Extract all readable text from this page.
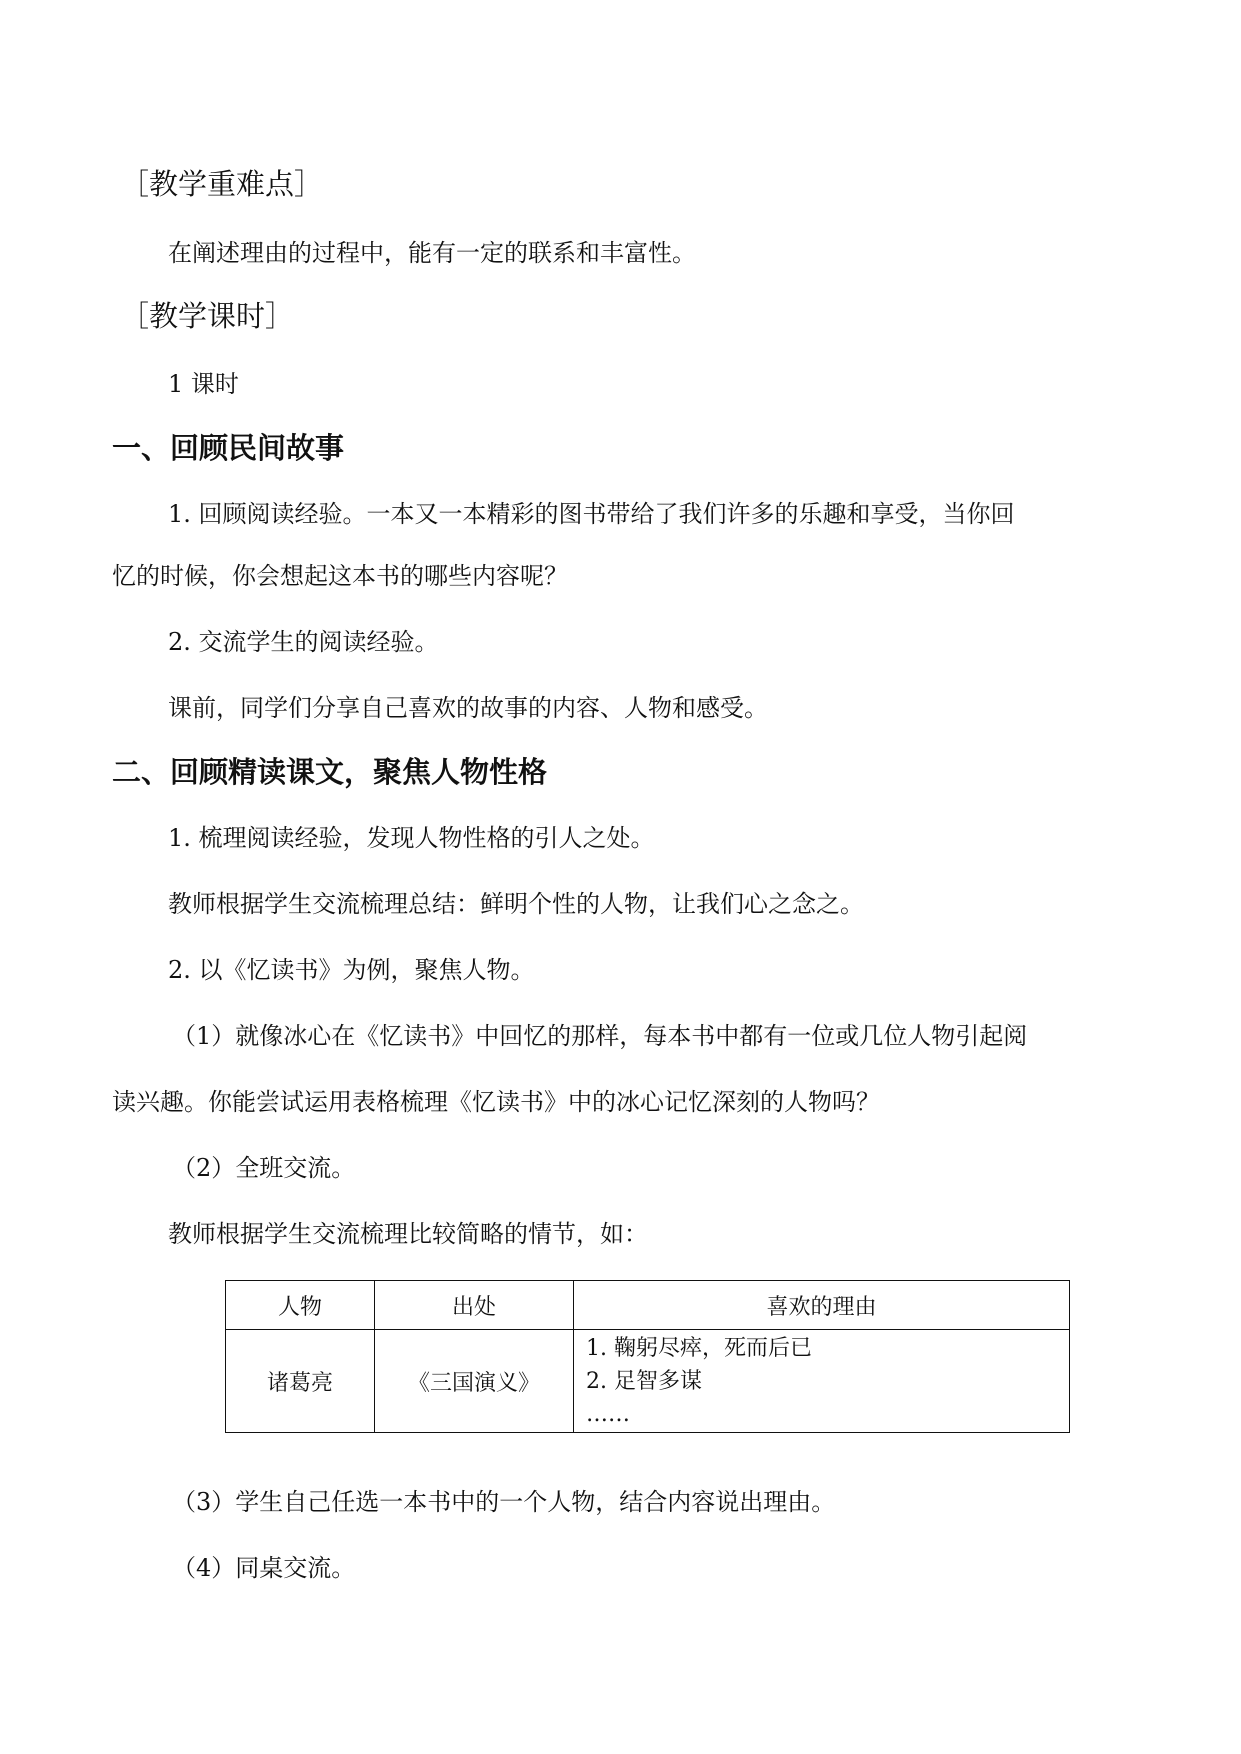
［教学重难点］
在阐述理由的过程中，能有一定的联系和丰富性。
［教学课时］
1 课时
一、回顾民间故事
1. 回顾阅读经验。一本又一本精彩的图书带给了我们许多的乐趣和享受，当你回
忆的时候，你会想起这本书的哪些内容呢？
2. 交流学生的阅读经验。
课前，同学们分享自己喜欢的故事的内容、人物和感受。
二、回顾精读课文，聚焦人物性格
1. 梳理阅读经验，发现人物性格的引人之处。
教师根据学生交流梳理总结：鲜明个性的人物，让我们心之念之。
2. 以《忆读书》为例，聚焦人物。
（1）就像冰心在《忆读书》中回忆的那样，每本书中都有一位或几位人物引起阅
读兴趣。你能尝试运用表格梳理《忆读书》中的冰心记忆深刻的人物吗？
（2）全班交流。
教师根据学生交流梳理比较简略的情节，如：
人物	出处	喜欢的理由
诸葛亮	《三国演义》	1. 鞠躬尽瘁，死而后已
2. 足智多谋
……
（3）学生自己任选一本书中的一个人物，结合内容说出理由。
（4）同桌交流。
